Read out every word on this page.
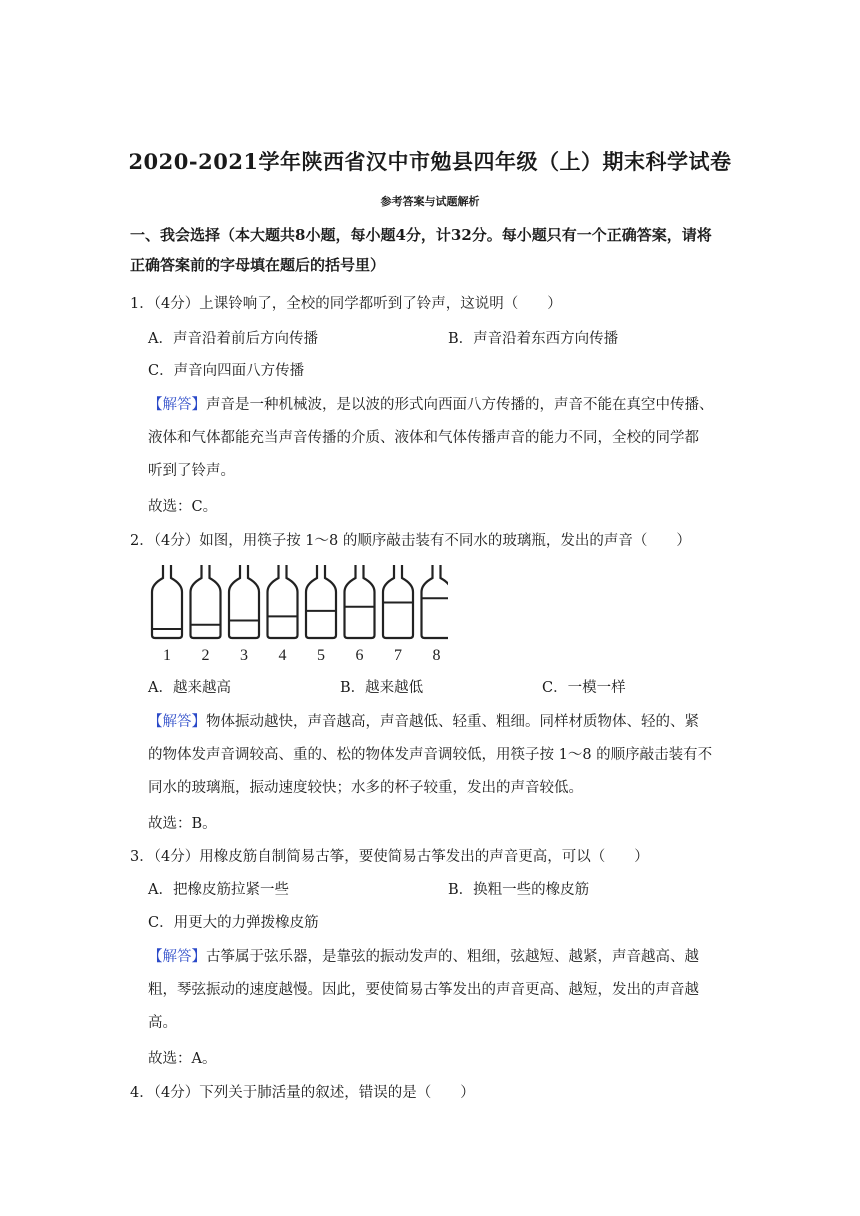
2020-2021学年陕西省汉中市勉县四年级（上）期末科学试卷
参考答案与试题解析
一、我会选择（本大题共8小题，每小题4分，计32分。每小题只有一个正确答案，请将
正确答案前的字母填在题后的括号里）
1．（4分）上课铃响了，全校的同学都听到了铃声，这说明（　　）
A．声音沿着前后方向传播	B．声音沿着东西方向传播
C．声音向四面八方传播
【解答】声音是一种机械波，是以波的形式向西面八方传播的，声音不能在真空中传播、
液体和气体都能充当声音传播的介质、液体和气体传播声音的能力不同，全校的同学都
听到了铃声。
故选：C。
2．（4分）如图，用筷子按 1～8 的顺序敲击装有不同水的玻璃瓶，发出的声音（　　）
1 2 3 4 5 6 7 8
A．越来越高	B．越来越低	C．一模一样
【解答】物体振动越快，声音越高，声音越低、轻重、粗细。同样材质物体、轻的、紧
的物体发声音调较高、重的、松的物体发声音调较低，用筷子按 1～8 的顺序敲击装有不
同水的玻璃瓶，振动速度较快；水多的杯子较重，发出的声音较低。
故选：B。
3．（4分）用橡皮筋自制简易古筝，要使简易古筝发出的声音更高，可以（　　）
A．把橡皮筋拉紧一些	B．换粗一些的橡皮筋
C．用更大的力弹拨橡皮筋
【解答】古筝属于弦乐器，是靠弦的振动发声的、粗细，弦越短、越紧，声音越高、越
粗，琴弦振动的速度越慢。因此，要使简易古筝发出的声音更高、越短，发出的声音越
高。
故选：A。
4．（4分）下列关于肺活量的叙述，错误的是（　　）
